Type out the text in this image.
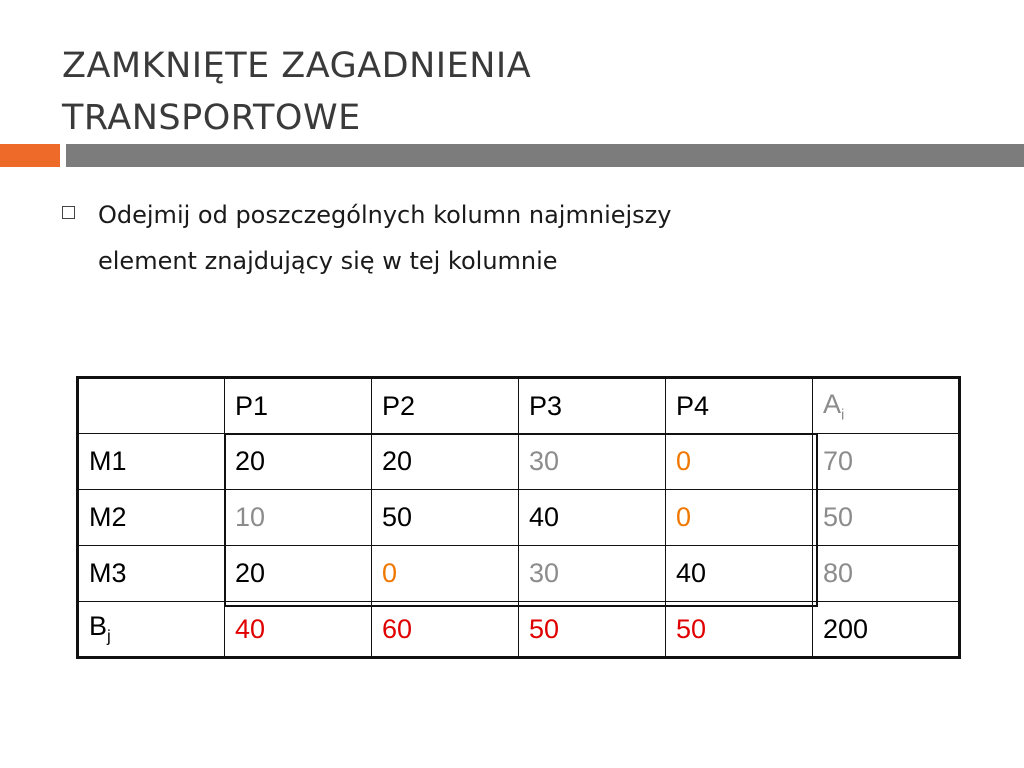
ZAMKNIĘTE ZAGADNIENIA
TRANSPORTOWE
Odejmij od poszczególnych kolumn najmniejszy
element znajdujący się w tej kolumnie
	P1	P2	P3	P4	$A_i$
M1	20	20	30	0	70
M2	10	50	40	0	50
M3	20	0	30	40	80
$B_j$	40	60	50	50	200
